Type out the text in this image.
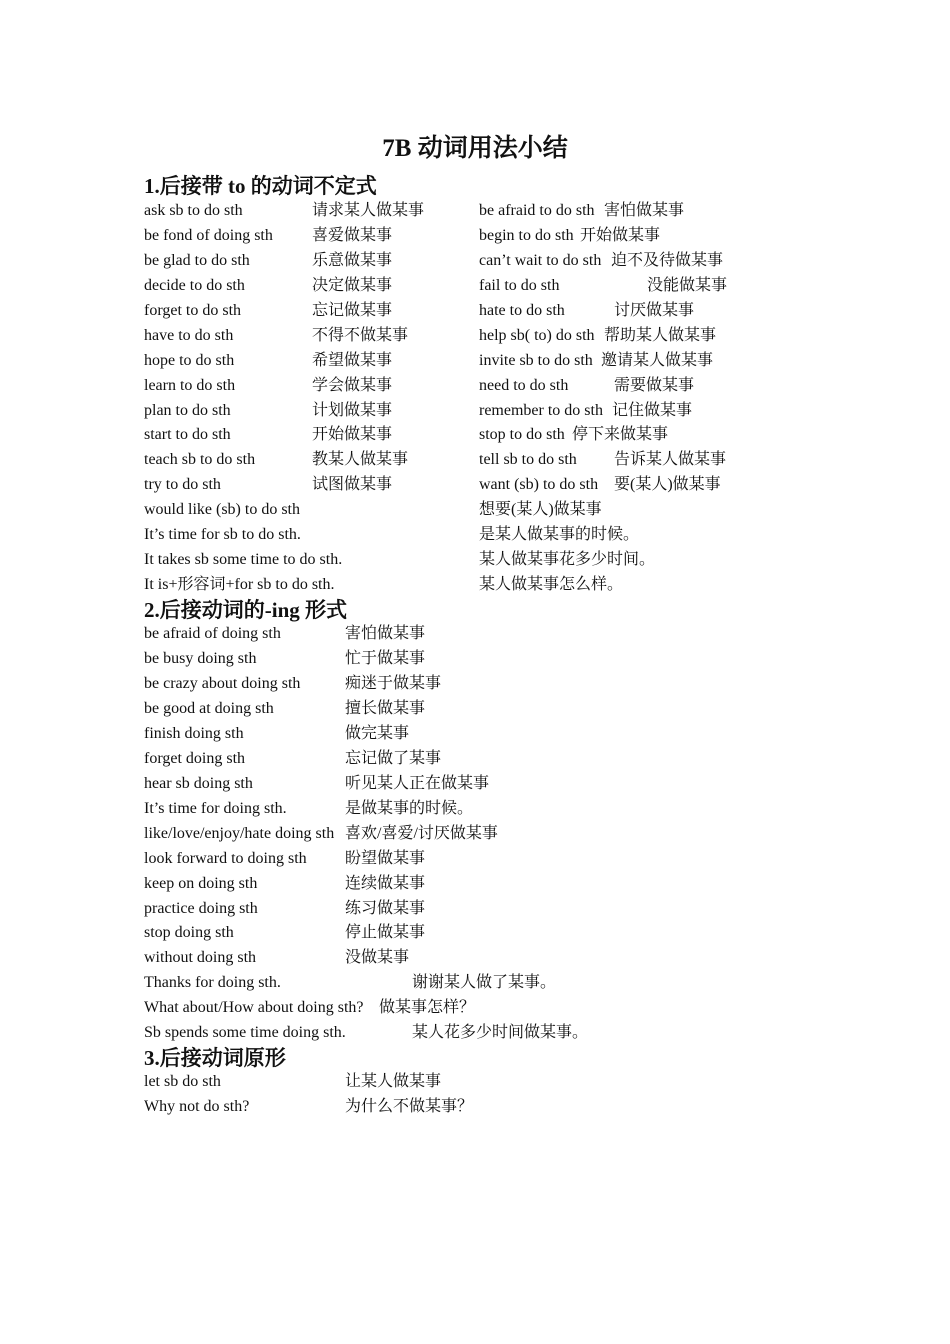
7B 动词用法小结
1.后接带 to 的动词不定式
ask sb to do sth	请求某人做某事	be afraid to do sth 害怕做某事
be fond of doing sth 喜爱做某事	begin to do sth 开始做某事
be glad to do sth	乐意做某事	can’t wait to do sth 迫不及待做某事
decide to do sth	决定做某事	fail to do sth	没能做某事
forget to do sth	忘记做某事	hate to do sth	讨厌做某事
have to do sth	不得不做某事	help sb( to) do sth 帮助某人做某事
hope to do sth	希望做某事	invite sb to do sth 邀请某人做某事
learn to do sth	学会做某事	need to do sth	需要做某事
plan to do sth	计划做某事	remember to do sth 记住做某事
start to do sth	开始做某事	stop to do sth 停下来做某事
teach sb to do sth	教某人做某事	tell sb to do sth 告诉某人做某事
try to do sth	试图做某事	want (sb) to do sth 要(某人)做某事
would like (sb) to do sth	想要(某人)做某事
It’s time for sb to do sth.	是某人做某事的时候。
It takes sb some time to do sth.	某人做某事花多少时间。
It is+形容词+for sb to do sth.	某人做某事怎么样。
2.后接动词的-ing 形式
be afraid of doing sth	害怕做某事
be busy doing sth	忙于做某事
be crazy about doing sth	痴迷于做某事
be good at doing sth	擅长做某事
finish doing sth	做完某事
forget doing sth	忘记做了某事
hear sb doing sth	听见某人正在做某事
It’s time for doing sth.	是做某事的时候。
like/love/enjoy/hate doing sth 喜欢/喜爱/讨厌做某事
look forward to doing sth 盼望做某事
keep on doing sth	连续做某事
practice doing sth	练习做某事
stop doing sth	停止做某事
without doing sth	没做某事
Thanks for doing sth.	谢谢某人做了某事。
What about/How about doing sth? 做某事怎样？
Sb spends some time doing sth.	某人花多少时间做某事。
3.后接动词原形
let sb do sth	让某人做某事
Why not do sth?	为什么不做某事？
